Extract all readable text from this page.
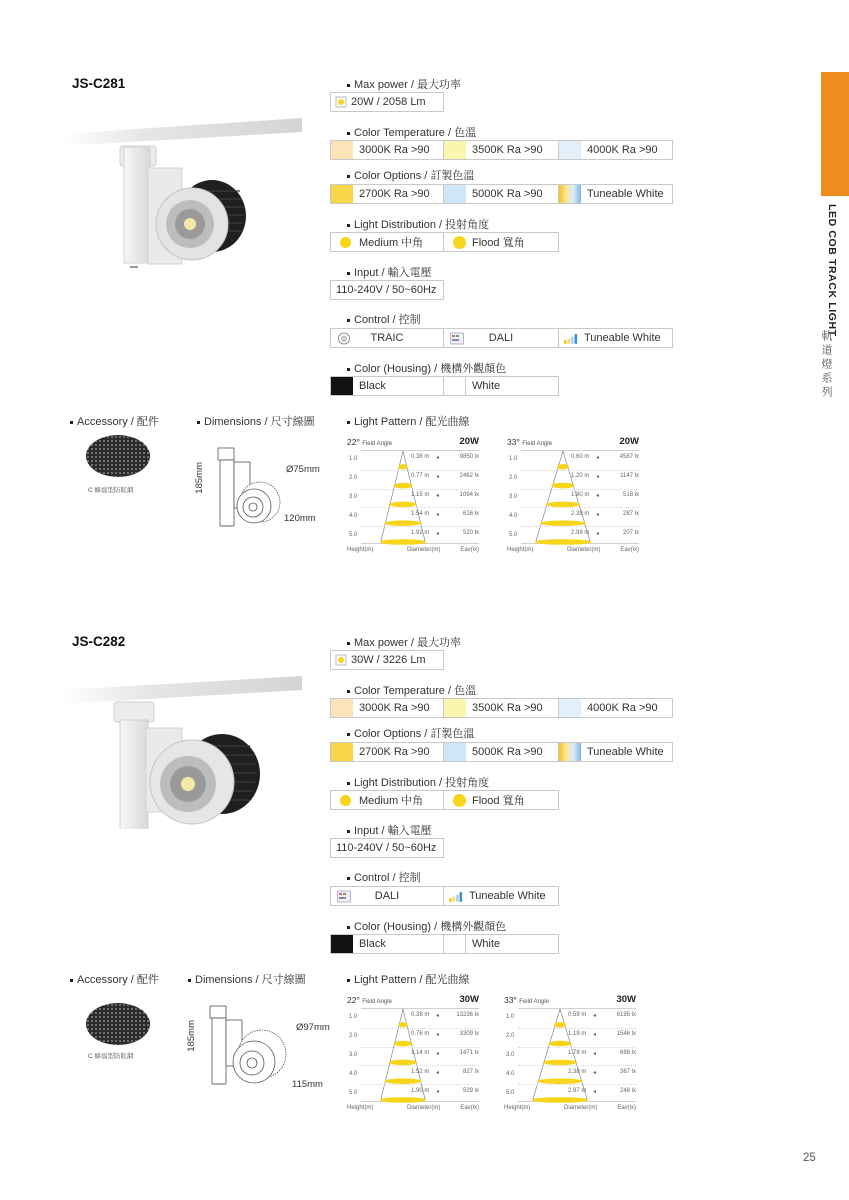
LED COB TRACK LIGHT
軌道燈系列
JS-C281	Max power / 最大功率
20W / 2058 Lm
Color Temperature / 色溫
3000K Ra >90	3500K Ra >90	4000K Ra >90
Color Options / 訂製色溫
2700K Ra >90	5000K Ra >90	Tuneable White
Light Distribution / 投射角度
Medium 中角	Flood 寬角
Input / 輸入電壓
110-240V / 50~60Hz
Control / 控制
TRAIC	DALI	Tuneable White
Color (Housing) / 機構外觀顏色
Black	White
Accessory / 配件	Dimensions / 尺寸線圖	Light Pattern / 配光曲線
C 蜂窩型防眩網	185mm	Ø75mm
120mm
22° Field Angle	20W
1.0	0.38 m ◂	9850 lx
2.0	0.77 m ◂	2462 lx
3.0	1.15 m ◂	1094 lx
4.0	1.54 m ◂	616 lx
5.0	1.92 m ◂	520 lx
Height(m)	Diameter(m)	Eav(lx)
33° Field Angle	20W
1.0	0.60 m ◂	4587 lx
2.0	1.20 m ◂	1147 lx
3.0	1.80 m ◂	518 lx
4.0	2.39 m ◂	287 lx
5.0	2.98 m ◂	207 lx
Height(m)	Diameter(m)	Eav(lx)
JS-C282	Max power / 最大功率
30W / 3226 Lm
Color Temperature / 色溫
3000K Ra >90	3500K Ra >90	4000K Ra >90
Color Options / 訂製色溫
2700K Ra >90	5000K Ra >90	Tuneable White
Light Distribution / 投射角度
Medium 中角	Flood 寬角
Input / 輸入電壓
110-240V / 50~60Hz
Control / 控制
DALI	Tuneable White
Color (Housing) / 機構外觀顏色
Black	White
Accessory / 配件	Dimensions / 尺寸線圖	Light Pattern / 配光曲線
C 蜂窩型防眩網
185mm	Ø97mm
115mm
22° Field Angle	30W
1.0	0.38 m ◂	13236 lx
2.0	0.76 m ◂	3309 lx
3.0	1.14 m ◂	1471 lx
4.0	1.52 m ◂	827 lx
5.0	1.90 m ◂	529 lx
Height(m)	Diameter(m)	Eav(lx)
33° Field Angle	30W
1.0	0.59 m ◂	6195 lx
2.0	1.19 m ◂	1546 lx
3.0	1.78 m ◂	688 lx
4.0	2.38 m ◂	387 lx
5.0	2.97 m ◂	248 lx
Height(m)	Diameter(m)	Eav(lx)
25
